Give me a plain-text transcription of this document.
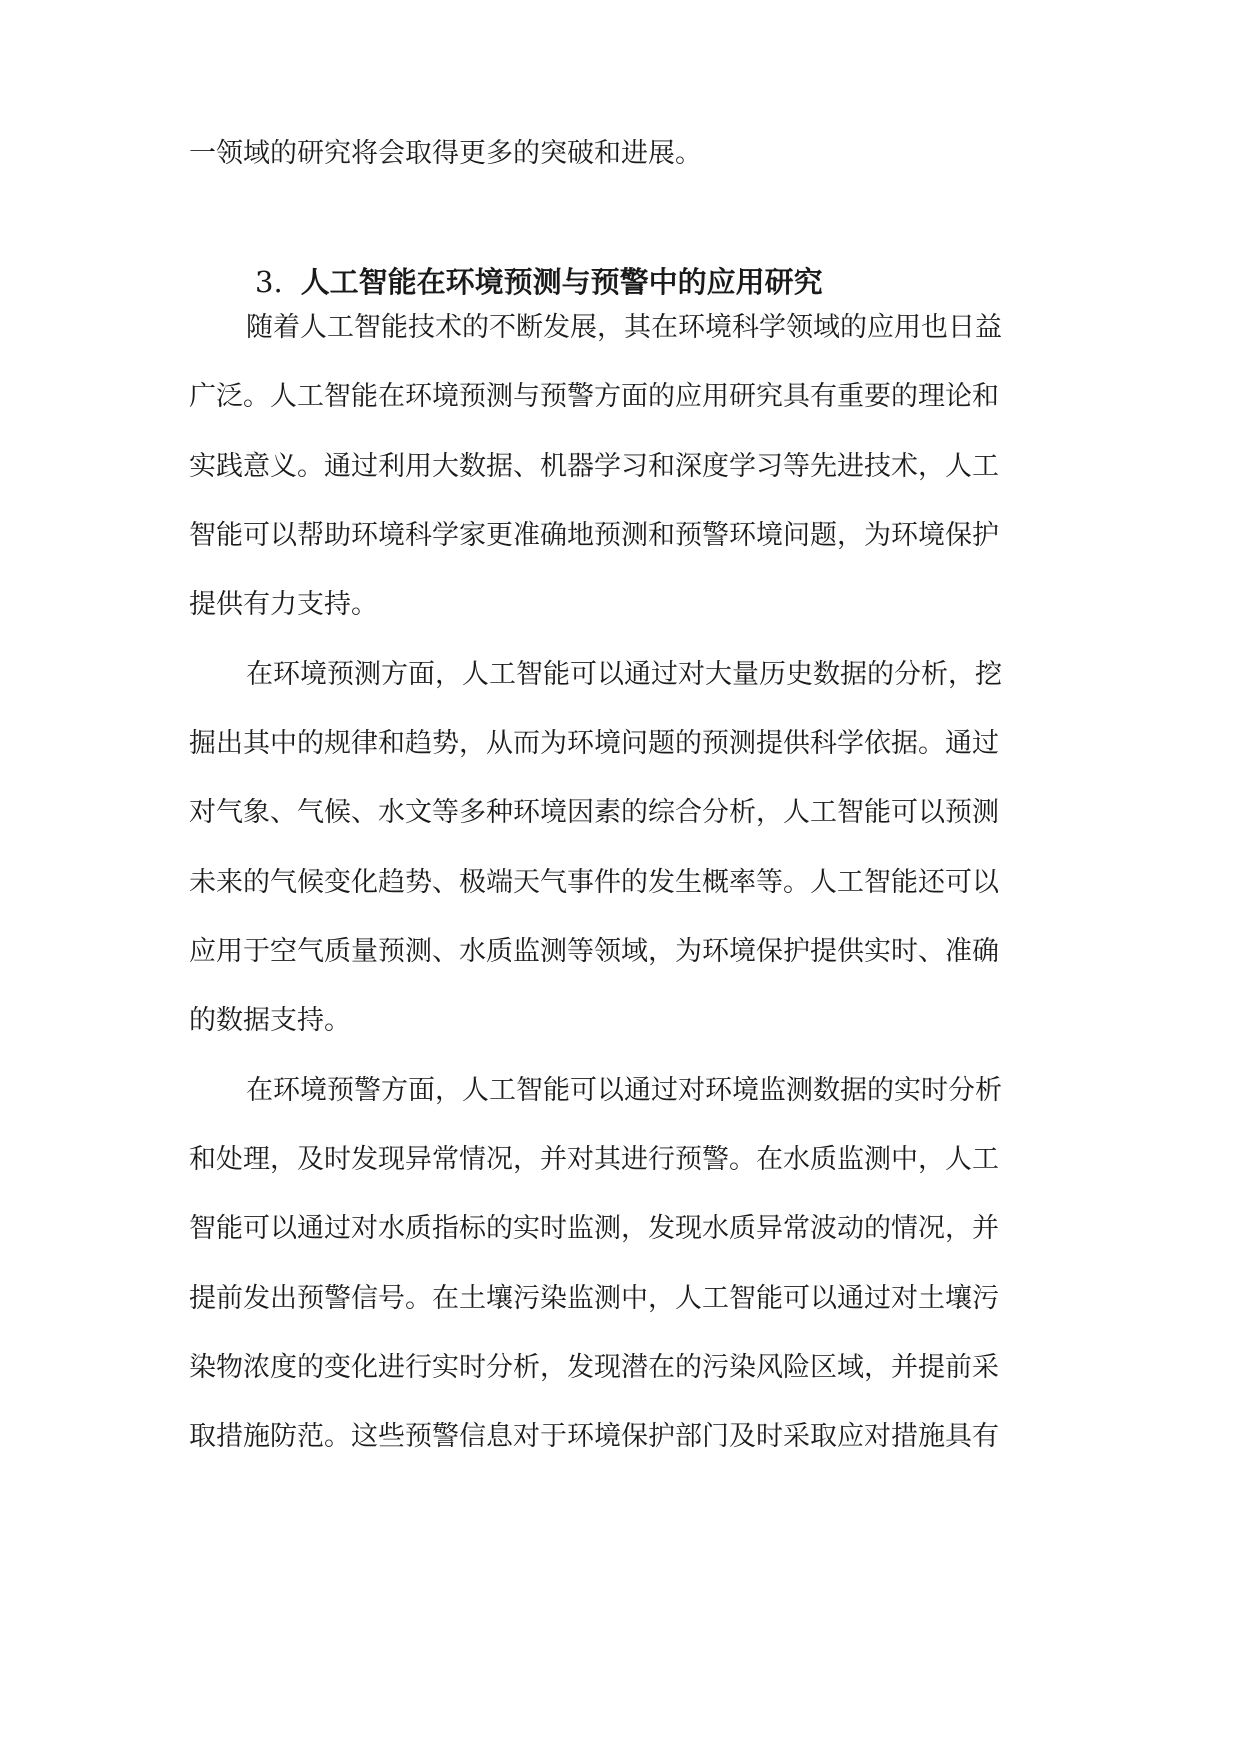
一领域的研究将会取得更多的突破和进展。
3. 人工智能在环境预测与预警中的应用研究
随着人工智能技术的不断发展，其在环境科学领域的应用也日益
广泛。人工智能在环境预测与预警方面的应用研究具有重要的理论和
实践意义。通过利用大数据、机器学习和深度学习等先进技术，人工
智能可以帮助环境科学家更准确地预测和预警环境问题，为环境保护
提供有力支持。
在环境预测方面，人工智能可以通过对大量历史数据的分析，挖
掘出其中的规律和趋势，从而为环境问题的预测提供科学依据。通过
对气象、气候、水文等多种环境因素的综合分析，人工智能可以预测
未来的气候变化趋势、极端天气事件的发生概率等。人工智能还可以
应用于空气质量预测、水质监测等领域，为环境保护提供实时、准确
的数据支持。
在环境预警方面，人工智能可以通过对环境监测数据的实时分析
和处理，及时发现异常情况，并对其进行预警。在水质监测中，人工
智能可以通过对水质指标的实时监测，发现水质异常波动的情况，并
提前发出预警信号。在土壤污染监测中，人工智能可以通过对土壤污
染物浓度的变化进行实时分析，发现潜在的污染风险区域，并提前采
取措施防范。这些预警信息对于环境保护部门及时采取应对措施具有
